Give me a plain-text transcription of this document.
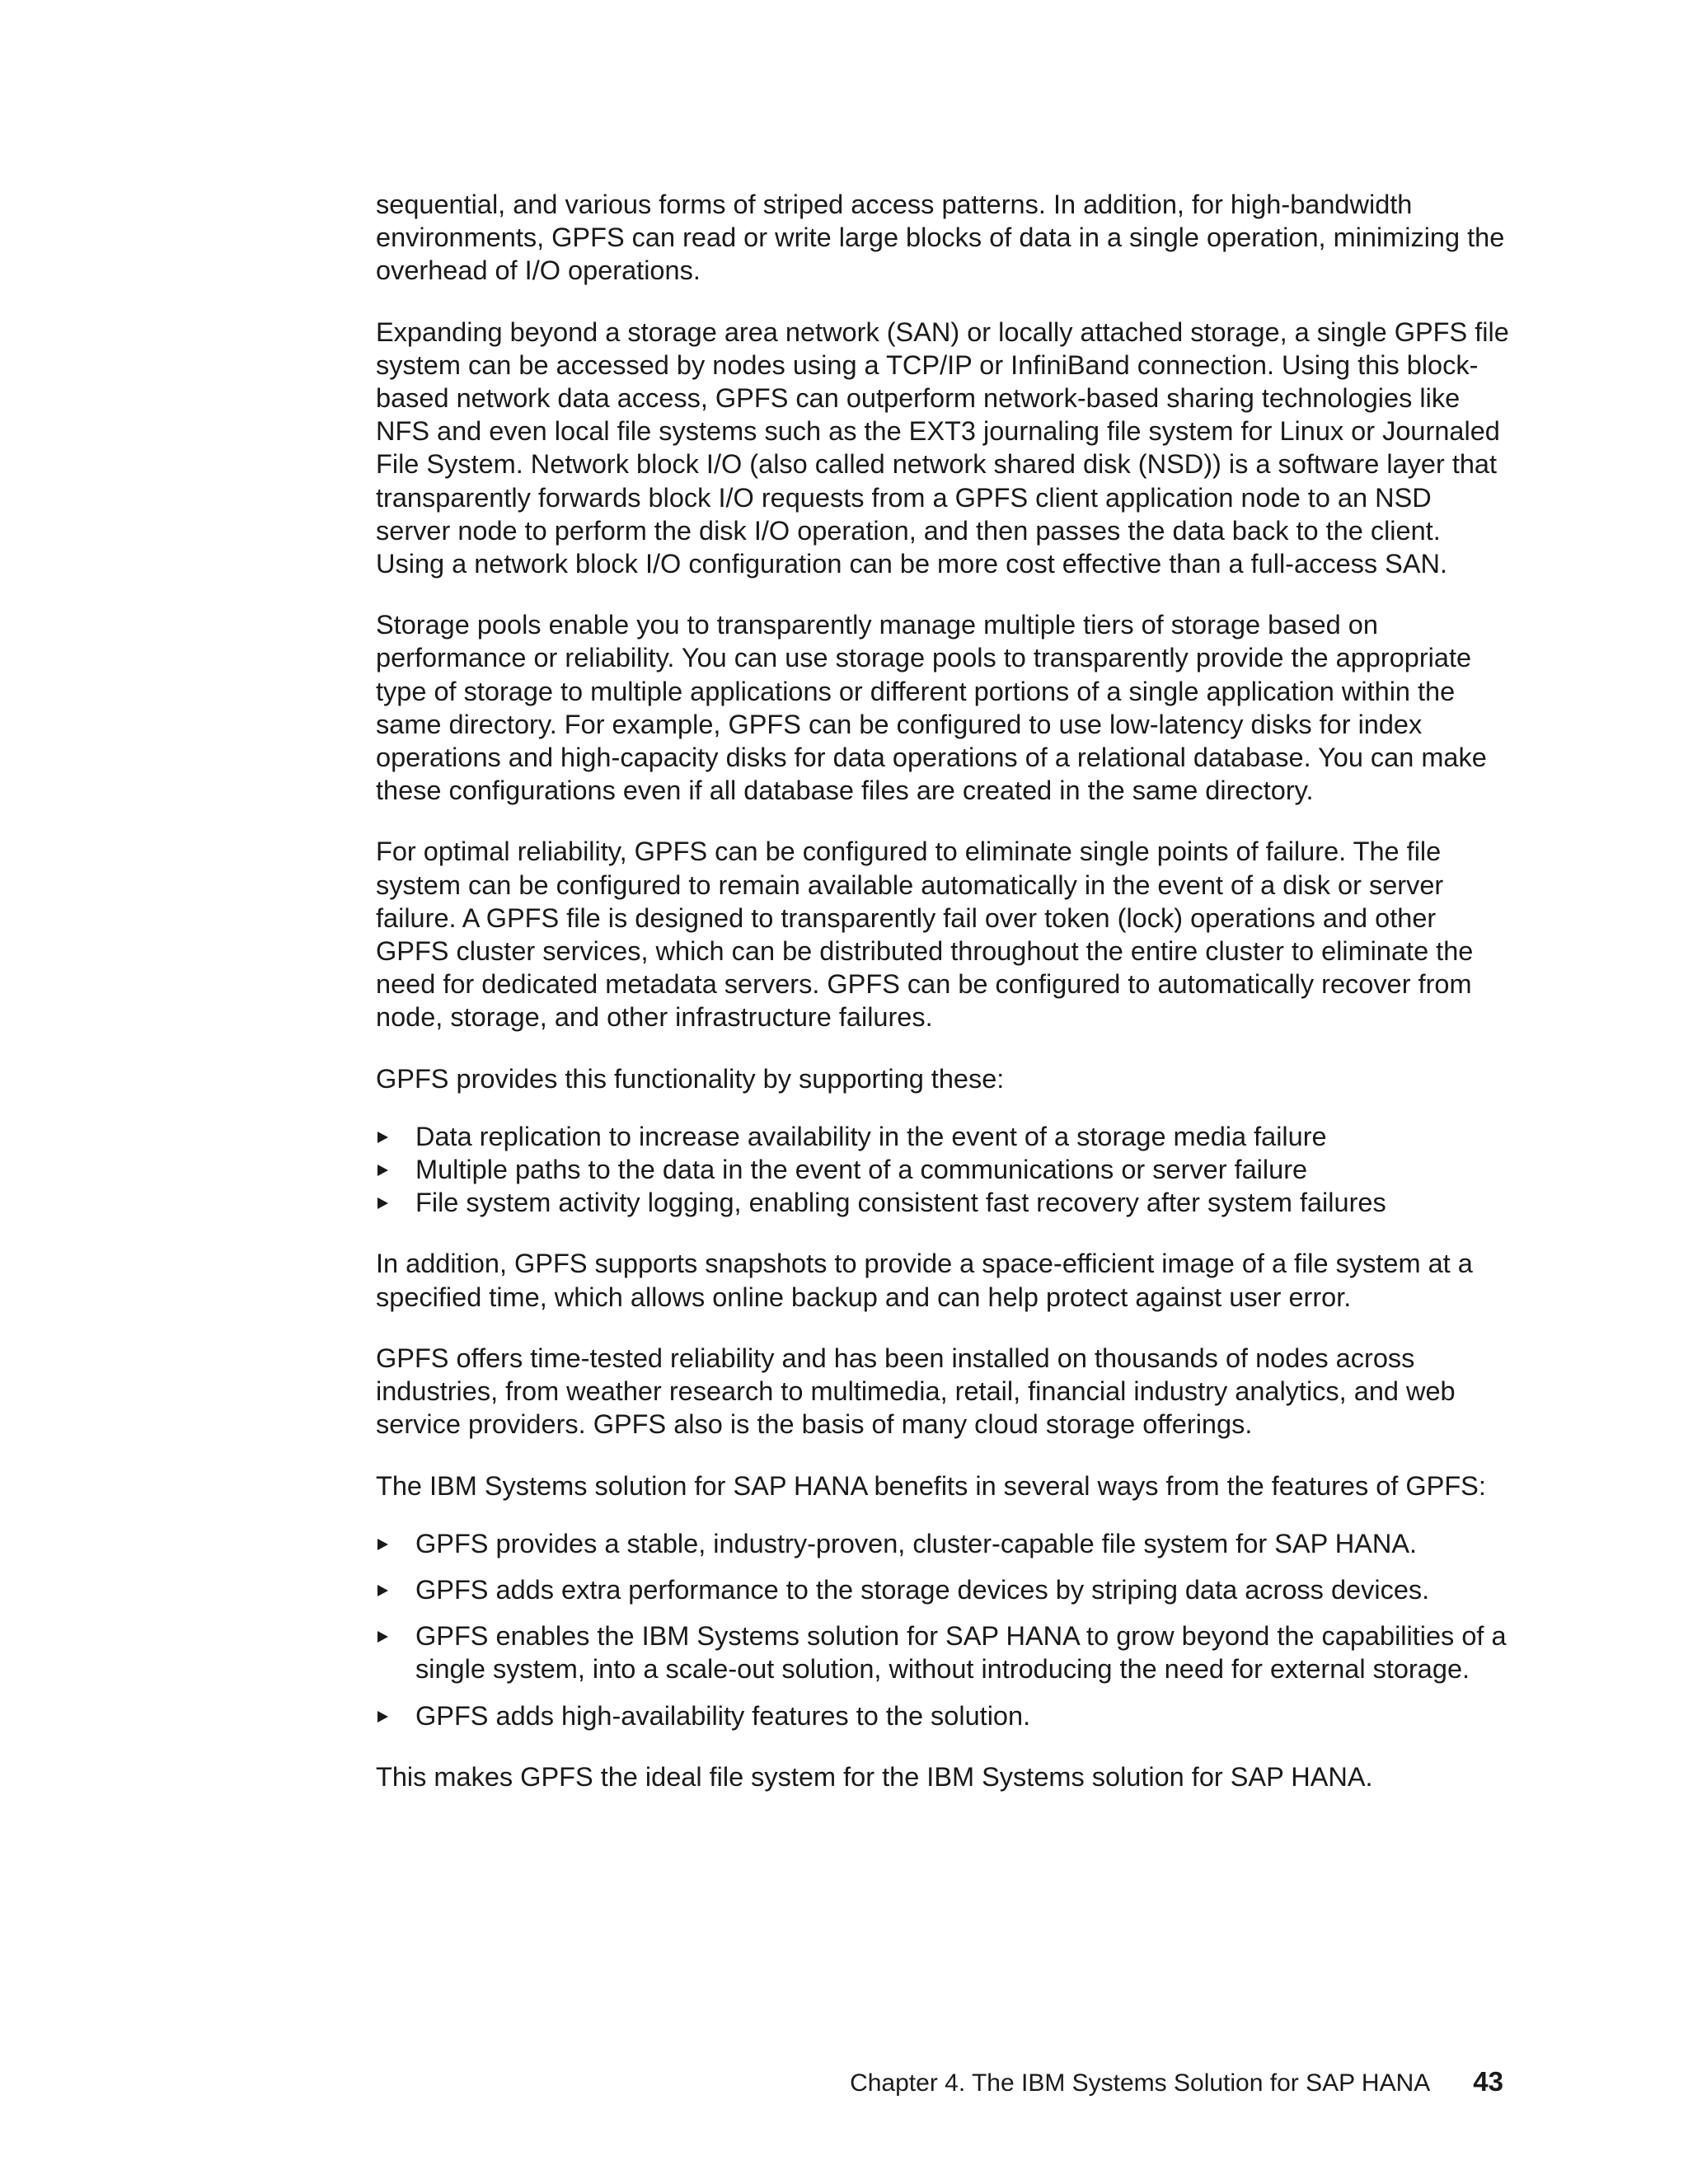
sequential, and various forms of striped access patterns. In addition, for high-bandwidth environments, GPFS can read or write large blocks of data in a single operation, minimizing the overhead of I/O operations.

Expanding beyond a storage area network (SAN) or locally attached storage, a single GPFS file system can be accessed by nodes using a TCP/IP or InfiniBand connection. Using this block-based network data access, GPFS can outperform network-based sharing technologies like NFS and even local file systems such as the EXT3 journaling file system for Linux or Journaled File System. Network block I/O (also called network shared disk (NSD)) is a software layer that transparently forwards block I/O requests from a GPFS client application node to an NSD server node to perform the disk I/O operation, and then passes the data back to the client. Using a network block I/O configuration can be more cost effective than a full-access SAN.

Storage pools enable you to transparently manage multiple tiers of storage based on performance or reliability. You can use storage pools to transparently provide the appropriate type of storage to multiple applications or different portions of a single application within the same directory. For example, GPFS can be configured to use low-latency disks for index operations and high-capacity disks for data operations of a relational database. You can make these configurations even if all database files are created in the same directory.

For optimal reliability, GPFS can be configured to eliminate single points of failure. The file system can be configured to remain available automatically in the event of a disk or server failure. A GPFS file is designed to transparently fail over token (lock) operations and other GPFS cluster services, which can be distributed throughout the entire cluster to eliminate the need for dedicated metadata servers. GPFS can be configured to automatically recover from node, storage, and other infrastructure failures.

GPFS provides this functionality by supporting these:

Data replication to increase availability in the event of a storage media failure
Multiple paths to the data in the event of a communications or server failure
File system activity logging, enabling consistent fast recovery after system failures

In addition, GPFS supports snapshots to provide a space-efficient image of a file system at a specified time, which allows online backup and can help protect against user error.

GPFS offers time-tested reliability and has been installed on thousands of nodes across industries, from weather research to multimedia, retail, financial industry analytics, and web service providers. GPFS also is the basis of many cloud storage offerings.

The IBM Systems solution for SAP HANA benefits in several ways from the features of GPFS:

GPFS provides a stable, industry-proven, cluster-capable file system for SAP HANA.
GPFS adds extra performance to the storage devices by striping data across devices.
GPFS enables the IBM Systems solution for SAP HANA to grow beyond the capabilities of a single system, into a scale-out solution, without introducing the need for external storage.
GPFS adds high-availability features to the solution.

This makes GPFS the ideal file system for the IBM Systems solution for SAP HANA.

Chapter 4. The IBM Systems Solution for SAP HANA 43
